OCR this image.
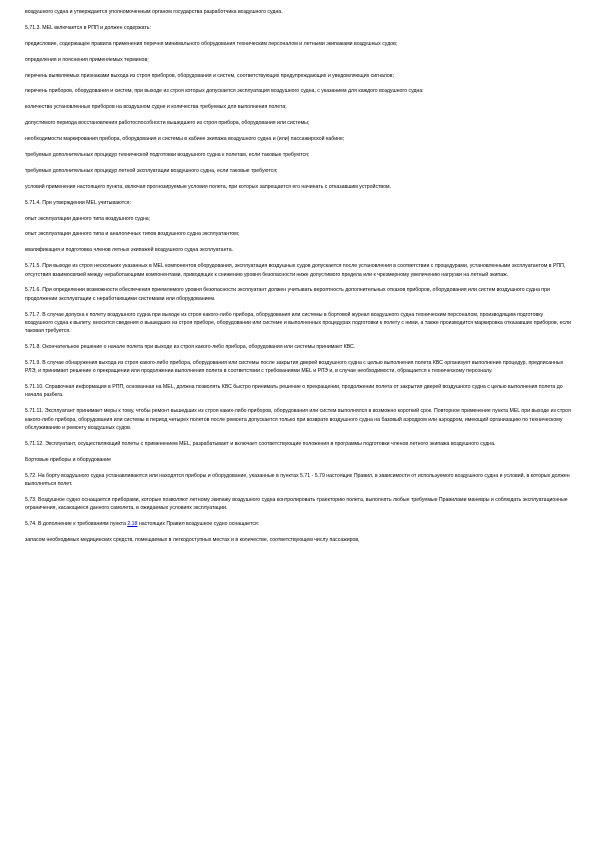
воздушного судна и утверждается уполномоченным органом государства разработчика воздушного судна.

5.71.3. MEL включается в РПП и должен содержать:

предисловие, содержащее правила применения перечня минимального оборудования техническим персоналом и летными экипажами воздушных судов;

определения и пояснения применяемых терминов;

перечень выявляемых признаками выхода из строя приборов, оборудования и систем, соответствующих предупреждающих и уведомляющих сигналов;

перечень приборов, оборудования и систем, при выходе из строя которых допускается эксплуатация воздушного судна, с указанием для каждого воздушного судна:

количества установленных приборов на воздушном судне и количества требуемых для выполнения полета;

допустимого периода восстановления работоспособности вышедшего из строя прибора, оборудования или системы;

необходимости маркирования прибора, оборудования и системы в кабине экипажа воздушного судна и (или) пассажирской кабине;

требуемых дополнительных процедур технической подготовки воздушного судна к полетам, если таковые требуются;

требуемых дополнительных процедур летной эксплуатации воздушного судна, если таковые требуются;

условий применения настоящего пункта, включая прогнозируемые условия полета, при которых запрещается его начинать с отказавшим устройством.

5.71.4. При утверждении MEL учитываются:

опыт эксплуатации данного типа воздушного судна;

опыт эксплуатации данного типа и аналогичных типов воздушного судна эксплуатантом;

квалификация и подготовка членов летных экипажей воздушного судна эксплуатанта.

5.71.5. При выходе из строя нескольких указанных в MEL компонентов оборудования, эксплуатация воздушных судов допускается после установления в соответствии с процедурами, установленными эксплуатантом в РПП, отсутствия взаимосвязей между неработающими компонентами, приводящих к снижению уровня безопасности ниже допустимого предела или к чрезмерному увеличению нагрузки на летный экипаж.

5.71.6. При определении возможности обеспечения приемлемого уровня безопасности эксплуатант должен учитывать вероятность дополнительных отказов приборов, оборудования или систем воздушного судна при продолжении эксплуатации с неработающими системами или оборудованием.

5.71.7. В случае допуска к полету воздушного судна при выходе из строя какого-либо прибора, оборудования или системы в бортовой журнал воздушного судна техническим персоналом, производящим подготовку воздушного судна к вылету, вносится сведения о вышедших из строя приборе, оборудовании или системе и выполненных процедурах подготовки к полету с ними, а также производится маркировка отказавших приборов, если таковая требуется.

5.71.8. Окончательное решение о начале полета при выходе из строя какого-либо прибора, оборудования или системы принимает КВС.

5.71.9. В случае обнаружения выхода из строя какого-либо прибора, оборудования или системы после закрытия дверей воздушного судна с целью выполнения полета КВС организует выполнение процедур, предписанных РЛЭ, и принимает решение о прекращении или продолжении выполнения полета в соответствии с требованиями MEL и РЛЭ и, в случае необходимости, обращается к техническому персоналу.

5.71.10. Справочная информация в РПП, основанная на MEL, должна позволять КВС быстро принимать решение о прекращении, продолжении полета от закрытия дверей воздушного судна с целью выполнения полета до начала разбега.

5.71.11. Эксплуатант принимает меры к тому, чтобы ремонт вышедших из строя каких-либо приборов, оборудования или систем выполнялся в возможно короткий срок. Повторное применение пункта MEL при выходе из строя какого-либо прибора, оборудования или системы в период четырех полетов после ремонта допускается только при возврате воздушного судна на базовый аэродром или аэродром, имеющий организацию по техническому обслуживанию и ремонту воздушных судов.

5.71.12. Эксплуатант, осуществляющий полеты с применением MEL, разрабатывает и включает соответствующие положения в программы подготовки членов летного экипажа воздушного судна.

Бортовые приборы и оборудование

5.72. На борту воздушного судна устанавливаются или находятся приборы и оборудование, указанные в пунктах 5.71 - 5.79 настоящих Правил, в зависимости от используемого воздушного судна и условий, в которых должен выполняться полет.

5.73. Воздушное судно оснащается приборами, которые позволяют летному экипажу воздушного судна контролировать траекторию полета, выполнять любые требуемые Правилами маневры и соблюдать эксплуатационные ограничения, касающиеся данного самолета, в ожидаемых условиях эксплуатации.

5.74. В дополнение к требованиям пункта 2.18 настоящих Правил воздушное судно оснащается:

запасом необходимых медицинских средств, помещаемых в легкодоступных местах и в количестве, соответствующем числу пассажиров,
